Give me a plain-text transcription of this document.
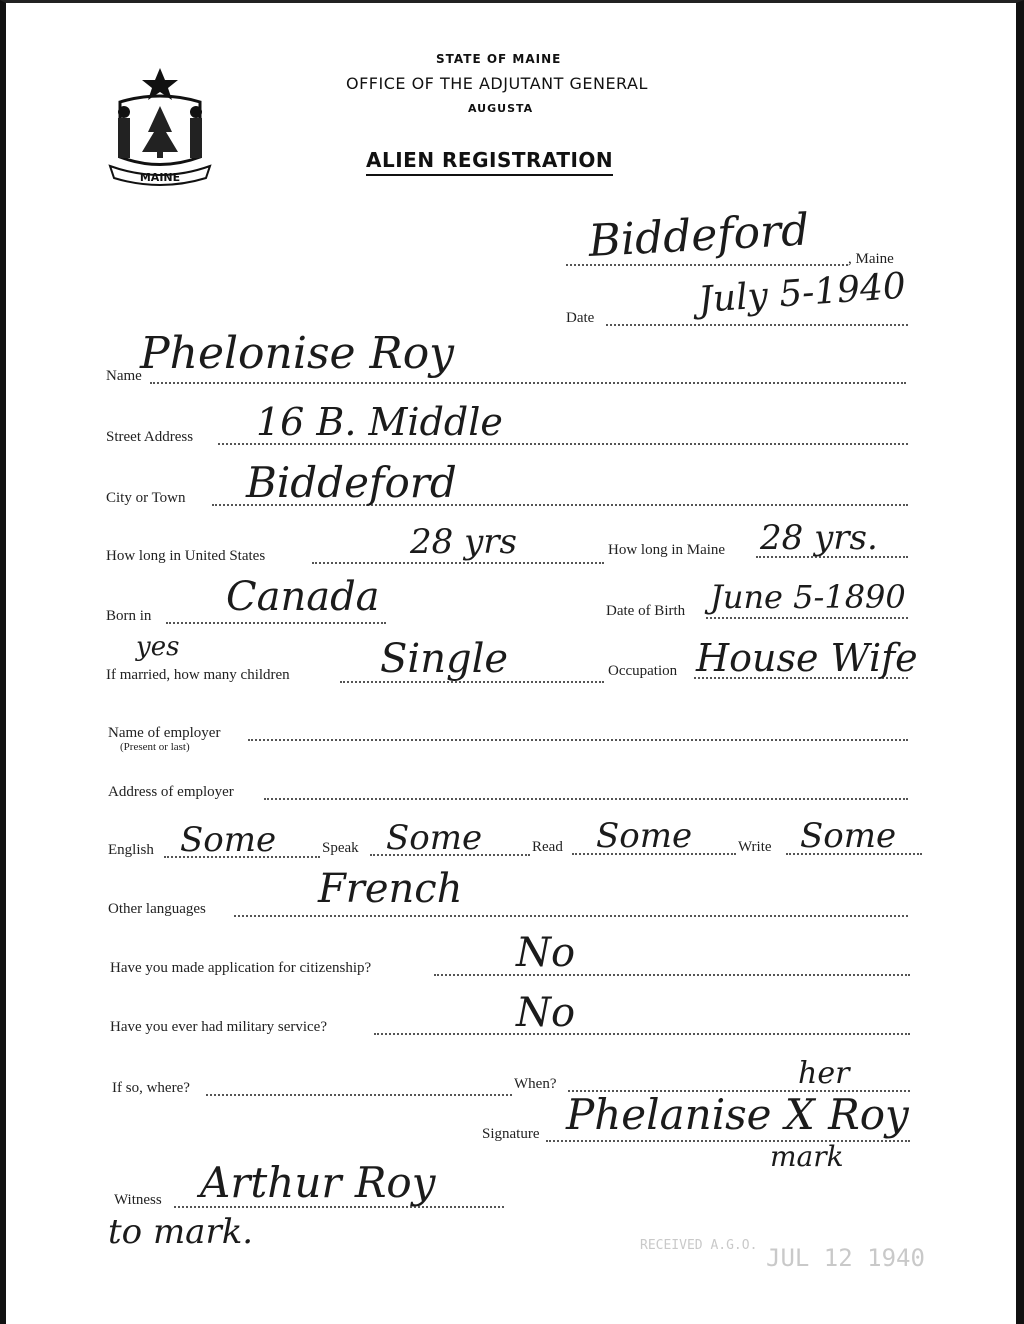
MAINE
STATE OF MAINE
OFFICE OF THE ADJUTANT GENERAL
AUGUSTA
ALIEN REGISTRATION
, Maine
Biddeford
Date	July 5-1940
Name
Phelonise Roy
Street Address 16 B. Middle
City or Town Biddeford
How long in United States	28 yrs	How long in Maine 28 yrs.
Born in Canada	Date of Birth June 5-1890
yes
If married, how many children Single	Occupation House Wife
Name of employer
(Present or last)
Address of employer
English Some	Speak Some	Read Some	Write Some
Other languages	French
Have you made application for citizenship?	No
Have you ever had military service?	No
If so, where?	When?	her
Signature Phelanise X Roy
mark
Witness Arthur Roy
to mark.	RECEIVED A.G.O. JUL 12 1940
